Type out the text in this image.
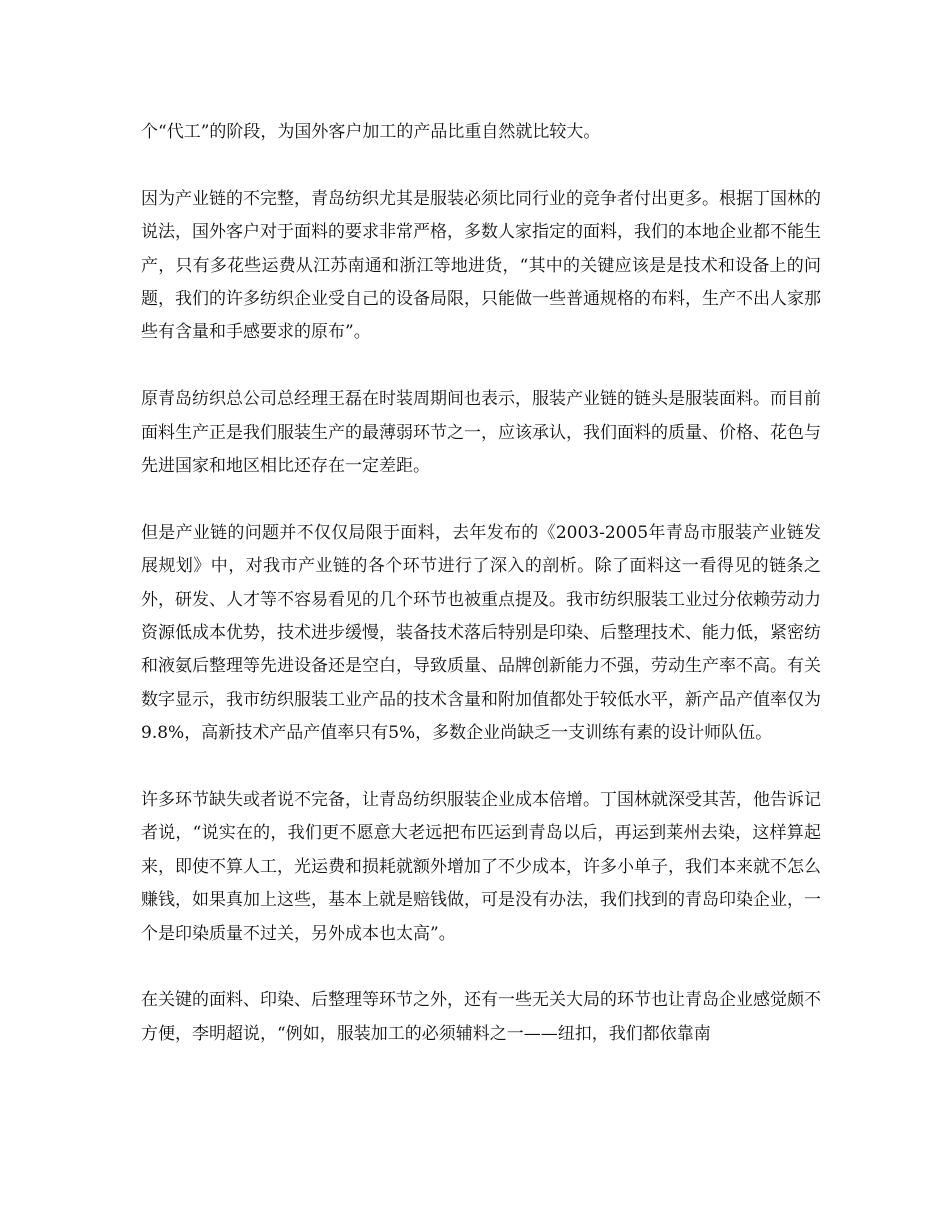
个“代工”的阶段，为国外客户加工的产品比重自然就比较大。

因为产业链的不完整，青岛纺织尤其是服装必须比同行业的竞争者付出更多。根据丁国林的说法，国外客户对于面料的要求非常严格，多数人家指定的面料，我们的本地企业都不能生产，只有多花些运费从江苏南通和浙江等地进货，“其中的关键应该是是技术和设备上的问题，我们的许多纺织企业受自己的设备局限，只能做一些普通规格的布料，生产不出人家那些有含量和手感要求的原布”。

原青岛纺织总公司总经理王磊在时装周期间也表示，服装产业链的链头是服装面料。而目前面料生产正是我们服装生产的最薄弱环节之一，应该承认，我们面料的质量、价格、花色与先进国家和地区相比还存在一定差距。

但是产业链的问题并不仅仅局限于面料，去年发布的《2003-2005年青岛市服装产业链发展规划》中，对我市产业链的各个环节进行了深入的剖析。除了面料这一看得见的链条之外，研发、人才等不容易看见的几个环节也被重点提及。我市纺织服装工业过分依赖劳动力资源低成本优势，技术进步缓慢，装备技术落后特别是印染、后整理技术、能力低，紧密纺和液氨后整理等先进设备还是空白，导致质量、品牌创新能力不强，劳动生产率不高。有关数字显示，我市纺织服装工业产品的技术含量和附加值都处于较低水平，新产品产值率仅为9.8%，高新技术产品产值率只有5%，多数企业尚缺乏一支训练有素的设计师队伍。

许多环节缺失或者说不完备，让青岛纺织服装企业成本倍增。丁国林就深受其苦，他告诉记者说，“说实在的，我们更不愿意大老远把布匹运到青岛以后，再运到莱州去染，这样算起来，即使不算人工，光运费和损耗就额外增加了不少成本，许多小单子，我们本来就不怎么赚钱，如果真加上这些，基本上就是赔钱做，可是没有办法，我们找到的青岛印染企业，一个是印染质量不过关，另外成本也太高”。

在关键的面料、印染、后整理等环节之外，还有一些无关大局的环节也让青岛企业感觉颇不方便，李明超说，“例如，服装加工的必须辅料之一——纽扣，我们都依靠南
